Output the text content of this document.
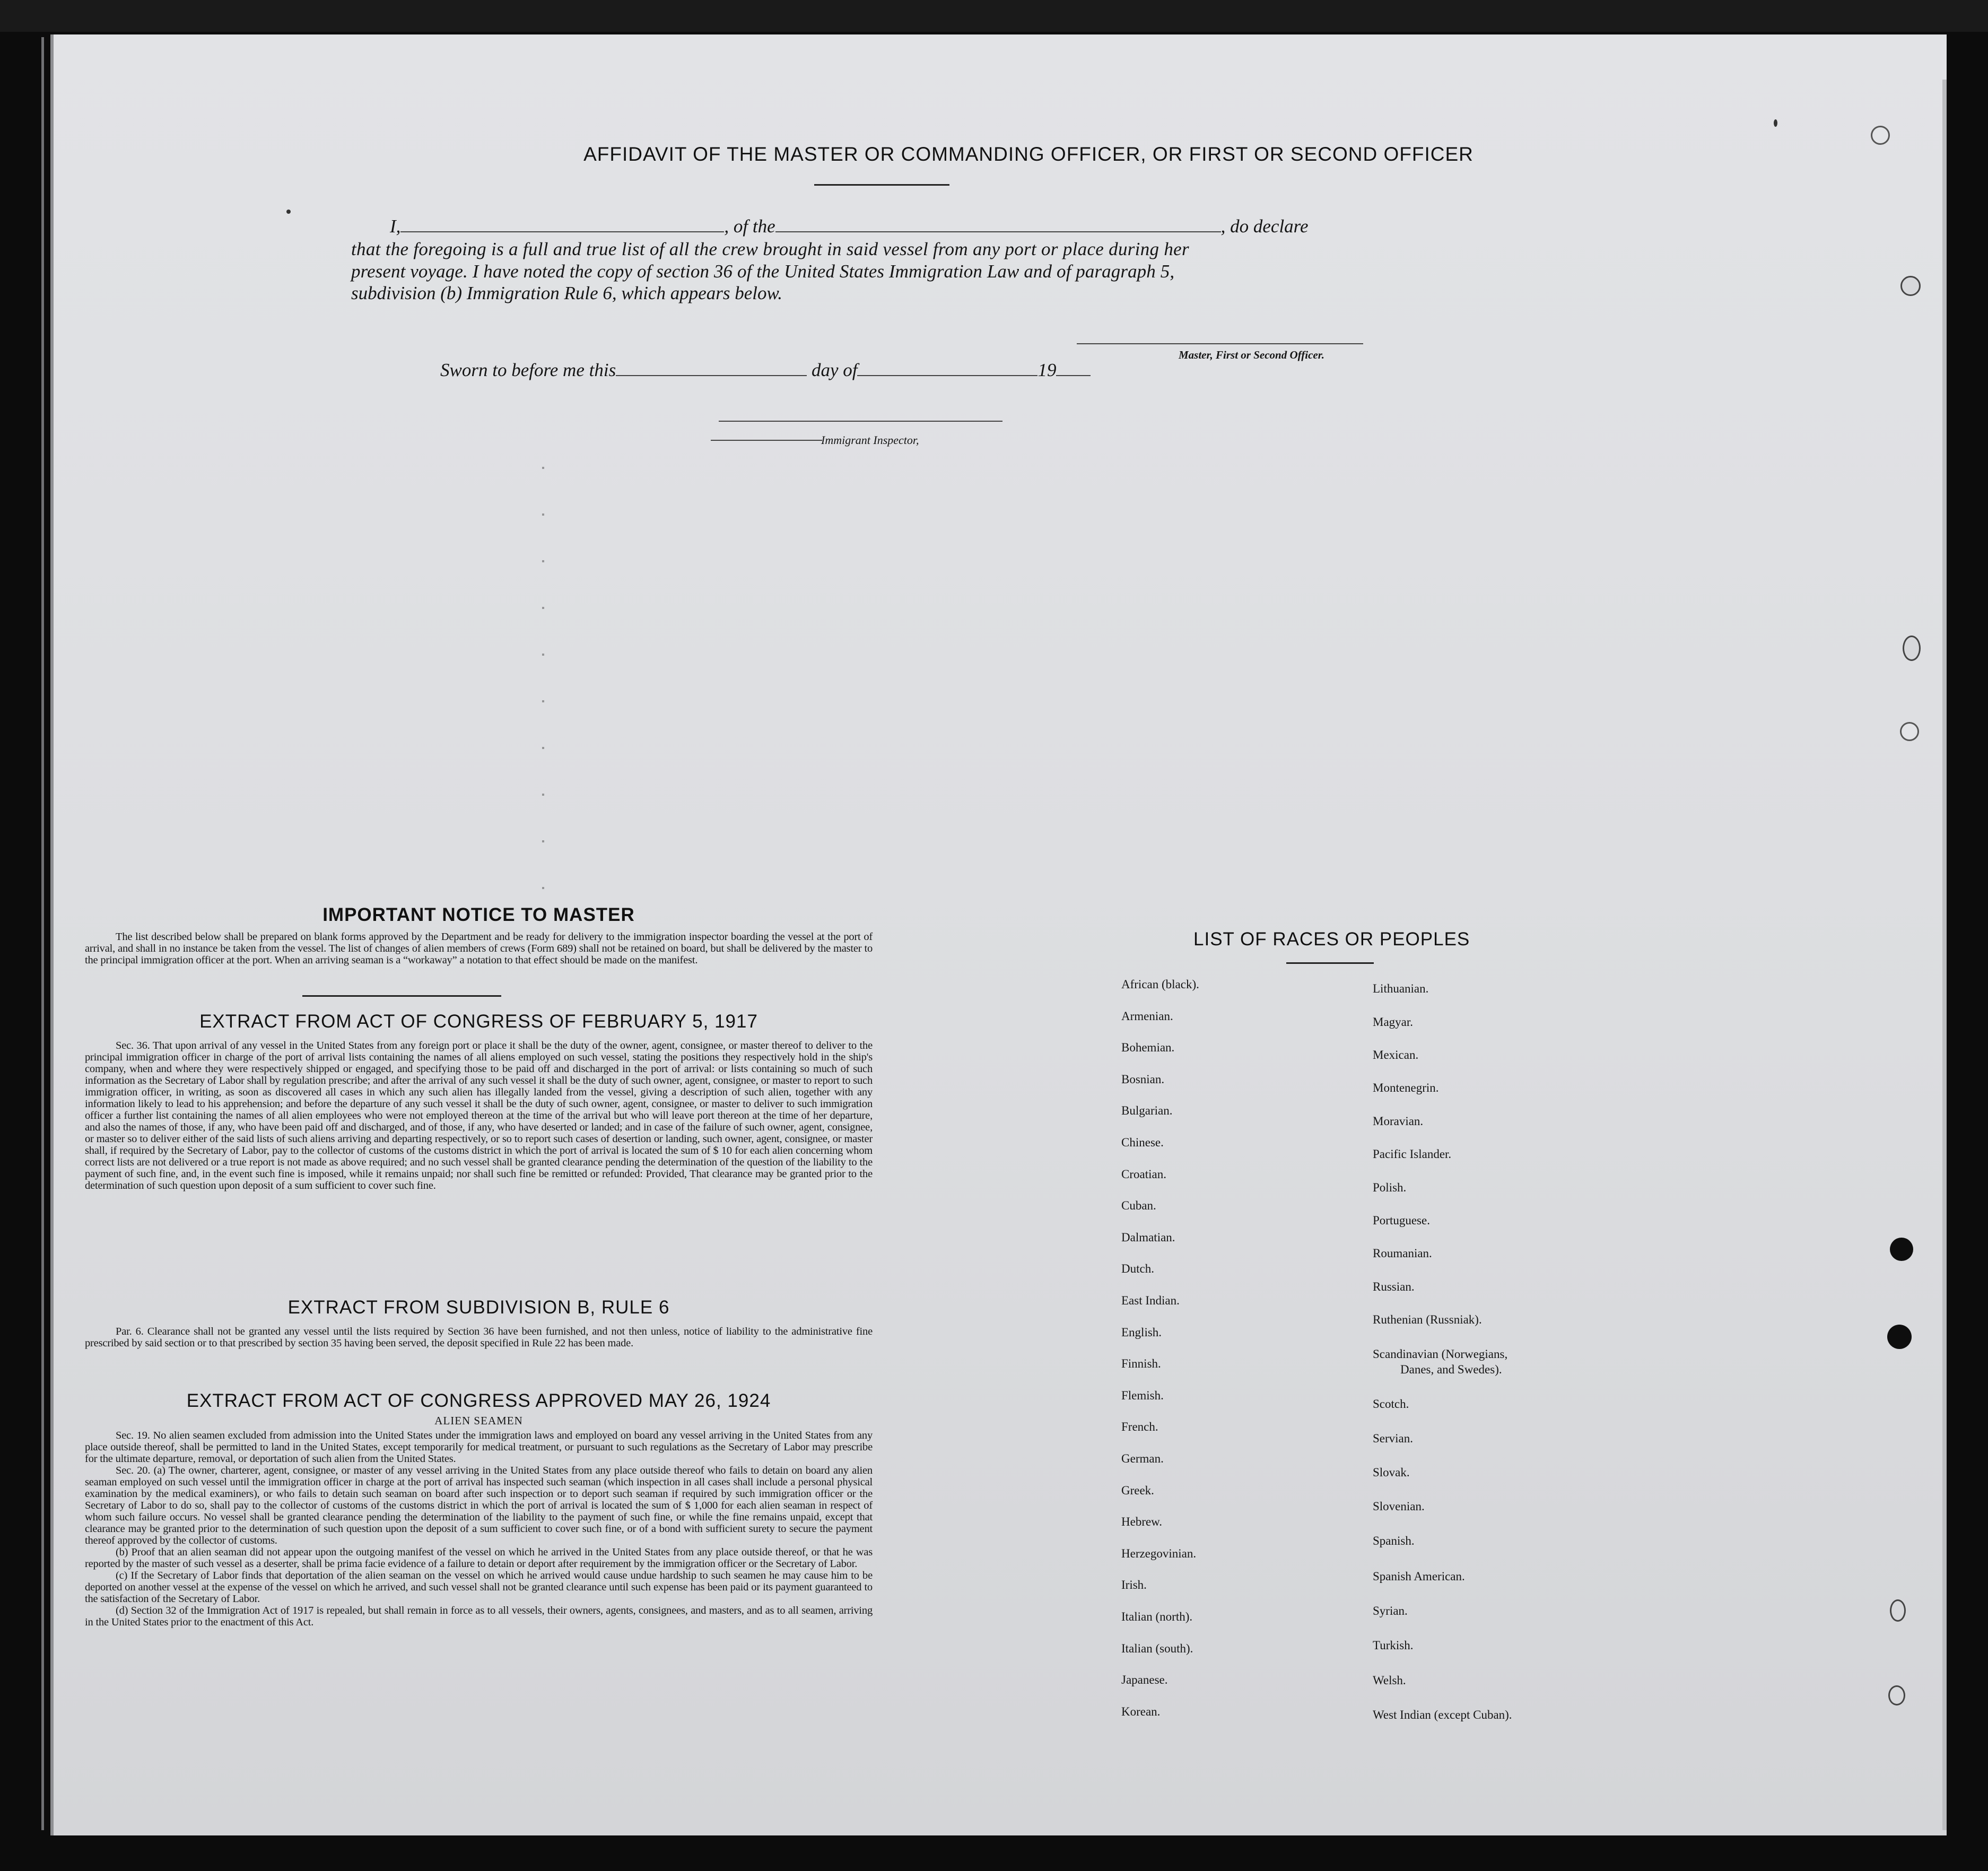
AFFIDAVIT OF THE MASTER OR COMMANDING OFFICER, OR FIRST OR SECOND OFFICER
I,	, of the	, do declare
that the foregoing is a full and true list of all the crew brought in said vessel from any port or place during her
present voyage. I have noted the copy of section 36 of the United States Immigration Law and of paragraph 5,
subdivision (b) Immigration Rule 6, which appears below.
Master, First or Second Officer.
Sworn to before me this	day of	19
Immigrant Inspector,
IMPORTANT NOTICE TO MASTER
The list described below shall be prepared on blank forms approved by the Department and be ready for delivery to the immigration inspector boarding the vessel at the port of arrival, and shall in no instance be taken from the vessel. The list of changes of alien members of crews (Form 689) shall not be retained on board, but shall be delivered by the master to the principal immigration officer at the port. When an arriving seaman is a “workaway” a notation to that effect should be made on the manifest.
EXTRACT FROM ACT OF CONGRESS OF FEBRUARY 5, 1917
Sec. 36. That upon arrival of any vessel in the United States from any foreign port or place it shall be the duty of the owner, agent, consignee, or master thereof to deliver to the principal immigration officer in charge of the port of arrival lists containing the names of all aliens employed on such vessel, stating the positions they respectively hold in the ship's company, when and where they were respectively shipped or engaged, and specifying those to be paid off and discharged in the port of arrival: or lists containing so much of such information as the Secretary of Labor shall by regulation prescribe; and after the arrival of any such vessel it shall be the duty of such owner, agent, consignee, or master to report to such immigration officer, in writing, as soon as discovered all cases in which any such alien has illegally landed from the vessel, giving a description of such alien, together with any information likely to lead to his apprehension; and before the departure of any such vessel it shall be the duty of such owner, agent, consignee, or master to deliver to such immigration officer a further list containing the names of all alien employees who were not employed thereon at the time of the arrival but who will leave port thereon at the time of her departure, and also the names of those, if any, who have been paid off and discharged, and of those, if any, who have deserted or landed; and in case of the failure of such owner, agent, consignee, or master so to deliver either of the said lists of such aliens arriving and departing respectively, or so to report such cases of desertion or landing, such owner, agent, consignee, or master shall, if required by the Secretary of Labor, pay to the collector of customs of the customs district in which the port of arrival is located the sum of $ 10 for each alien concerning whom correct lists are not delivered or a true report is not made as above required; and no such vessel shall be granted clearance pending the determination of the question of the liability to the payment of such fine, and, in the event such fine is imposed, while it remains unpaid; nor shall such fine be remitted or refunded: Provided, That clearance may be granted prior to the determination of such question upon deposit of a sum sufficient to cover such fine.
EXTRACT FROM SUBDIVISION B, RULE 6
Par. 6. Clearance shall not be granted any vessel until the lists required by Section 36 have been furnished, and not then unless, notice of liability to the administrative fine prescribed by said section or to that prescribed by section 35 having been served, the deposit specified in Rule 22 has been made.
EXTRACT FROM ACT OF CONGRESS APPROVED MAY 26, 1924
ALIEN SEAMEN
Sec. 19. No alien seamen excluded from admission into the United States under the immigration laws and employed on board any vessel arriving in the United States from any place outside thereof, shall be permitted to land in the United States, except temporarily for medical treatment, or pursuant to such regulations as the Secretary of Labor may prescribe for the ultimate departure, removal, or deportation of such alien from the United States.
Sec. 20. (a) The owner, charterer, agent, consignee, or master of any vessel arriving in the United States from any place outside thereof who fails to detain on board any alien seaman employed on such vessel until the immigration officer in charge at the port of arrival has inspected such seaman (which inspection in all cases shall include a personal physical examination by the medical examiners), or who fails to detain such seaman on board after such inspection or to deport such seaman if required by such immigration officer or the Secretary of Labor to do so, shall pay to the collector of customs of the customs district in which the port of arrival is located the sum of $ 1,000 for each alien seaman in respect of whom such failure occurs. No vessel shall be granted clearance pending the determination of the liability to the payment of such fine, or while the fine remains unpaid, except that clearance may be granted prior to the determination of such question upon the deposit of a sum sufficient to cover such fine, or of a bond with sufficient surety to secure the payment thereof approved by the collector of customs.
(b) Proof that an alien seaman did not appear upon the outgoing manifest of the vessel on which he arrived in the United States from any place outside thereof, or that he was reported by the master of such vessel as a deserter, shall be prima facie evidence of a failure to detain or deport after requirement by the immigration officer or the Secretary of Labor.
(c) If the Secretary of Labor finds that deportation of the alien seaman on the vessel on which he arrived would cause undue hardship to such seamen he may cause him to be deported on another vessel at the expense of the vessel on which he arrived, and such vessel shall not be granted clearance until such expense has been paid or its payment guaranteed to the satisfaction of the Secretary of Labor.
(d) Section 32 of the Immigration Act of 1917 is repealed, but shall remain in force as to all vessels, their owners, agents, consignees, and masters, and as to all seamen, arriving in the United States prior to the enactment of this Act.
LIST OF RACES OR PEOPLES
African (black).
Armenian.
Bohemian.
Bosnian.
Bulgarian.
Chinese.
Croatian.
Cuban.
Dalmatian.
Dutch.
East Indian.
English.
Finnish.
Flemish.
French.
German.
Greek.
Hebrew.
Herzegovinian.
Irish.
Italian (north).
Italian (south).
Japanese.
Korean.
Lithuanian.
Magyar.
Mexican.
Montenegrin.
Moravian.
Pacific Islander.
Polish.
Portuguese.
Roumanian.
Russian.
Ruthenian (Russniak).
Scandinavian (Norwegians,
Danes, and Swedes).
Scotch.
Servian.
Slovak.
Slovenian.
Spanish.
Spanish American.
Syrian.
Turkish.
Welsh.
West Indian (except Cuban).
